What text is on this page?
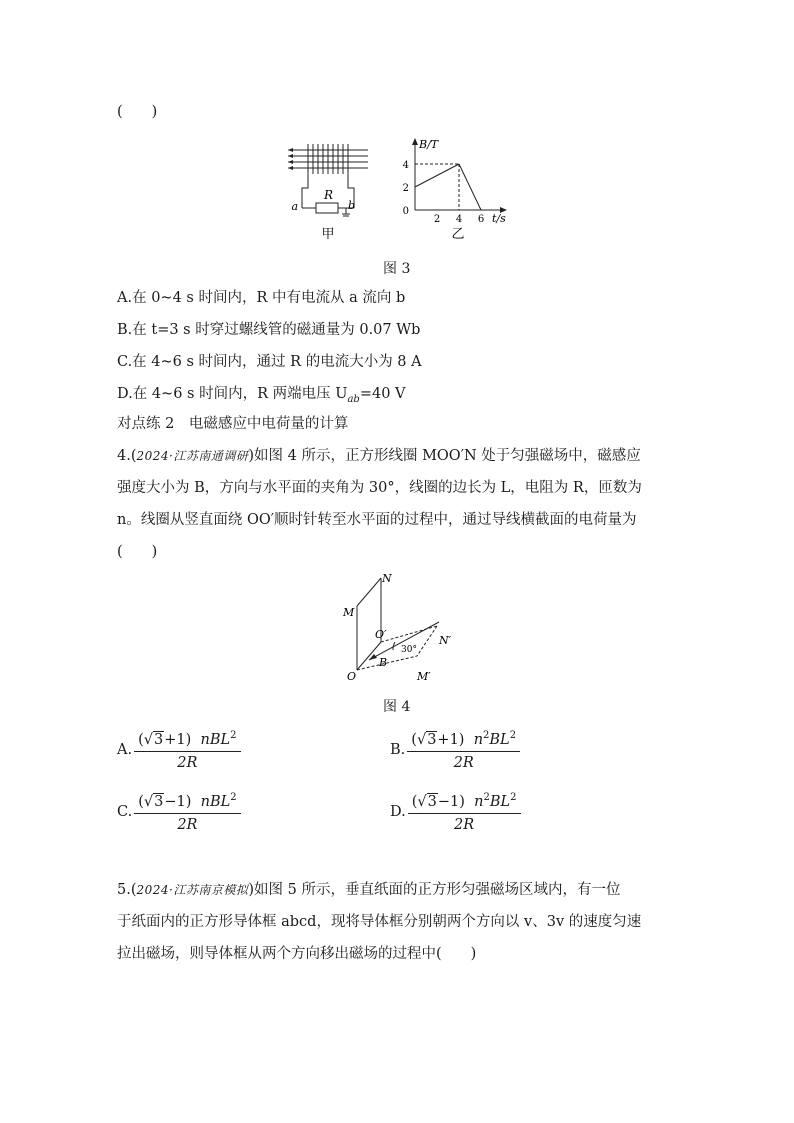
(　　)
R
a	b
甲
B/T
t/s
4
2
0
2 4 6
乙
图 3
A.在 0~4 s 时间内，R 中有电流从 a 流向 b
B.在 t=3 s 时穿过螺线管的磁通量为 0.07 Wb
C.在 4~6 s 时间内，通过 R 的电流大小为 8 A
D.在 4~6 s 时间内，R 两端电压 $U_{ab}=40$ V
对点练 2　电磁感应中电荷量的计算
4.(2024·江苏南通调研)如图 4 所示，正方形线圈 MOO′N 处于匀强磁场中，磁感应
强度大小为 B，方向与水平面的夹角为 30°，线圈的边长为 L，电阻为 R，匝数为
n。线圈从竖直面绕 OO′顺时针转至水平面的过程中，通过导线横截面的电荷量为
(　　)
N
M
O′	N′
30°
B
O	M′
图 4
A. $\frac{(√3+1) nBL^2}{2R}$	B. $\frac{(√3+1) n^2BL^2}{2R}$
C. $\frac{(√3-1) nBL^2}{2R}$	D. $\frac{(√3-1) n^2BL^2}{2R}$
5.(2024·江苏南京模拟)如图 5 所示，垂直纸面的正方形匀强磁场区域内，有一位
于纸面内的正方形导体框 abcd，现将导体框分别朝两个方向以 v、3v 的速度匀速
拉出磁场，则导体框从两个方向移出磁场的过程中(　　)
